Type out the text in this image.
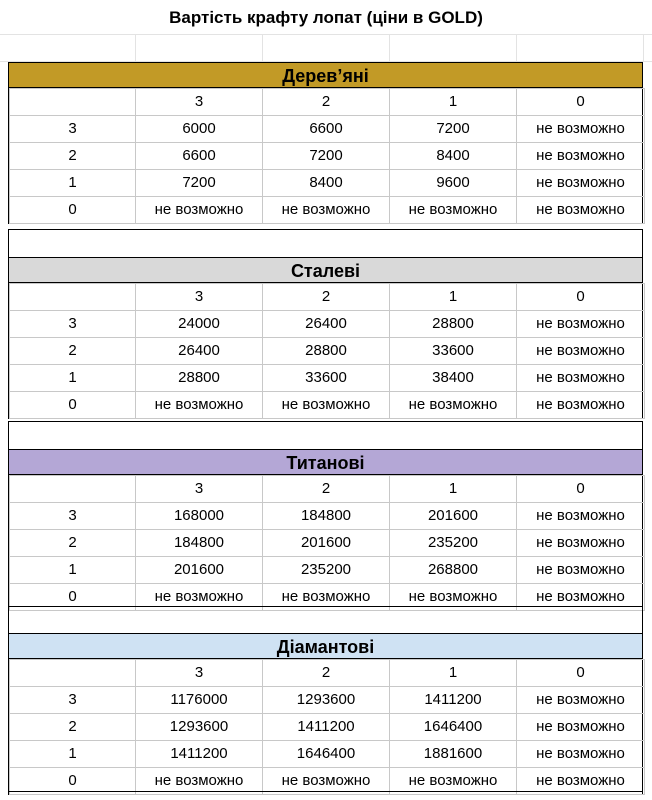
Вартість крафту лопат (ціни в GOLD)
Дерев’яні
	3	2	1	0
3	6000	6600	7200	не возможно
2	6600	7200	8400	не возможно
1	7200	8400	9600	не возможно
0	не возможно	не возможно	не возможно	не возможно
Сталеві
	3	2	1	0
3	24000	26400	28800	не возможно
2	26400	28800	33600	не возможно
1	28800	33600	38400	не возможно
0	не возможно	не возможно	не возможно	не возможно
Титанові
	3	2	1	0
3	168000	184800	201600	не возможно
2	184800	201600	235200	не возможно
1	201600	235200	268800	не возможно
0	не возможно	не возможно	не возможно	не возможно
Діамантові
	3	2	1	0
3	1176000	1293600	1411200	не возможно
2	1293600	1411200	1646400	не возможно
1	1411200	1646400	1881600	не возможно
0	не возможно	не возможно	не возможно	не возможно
